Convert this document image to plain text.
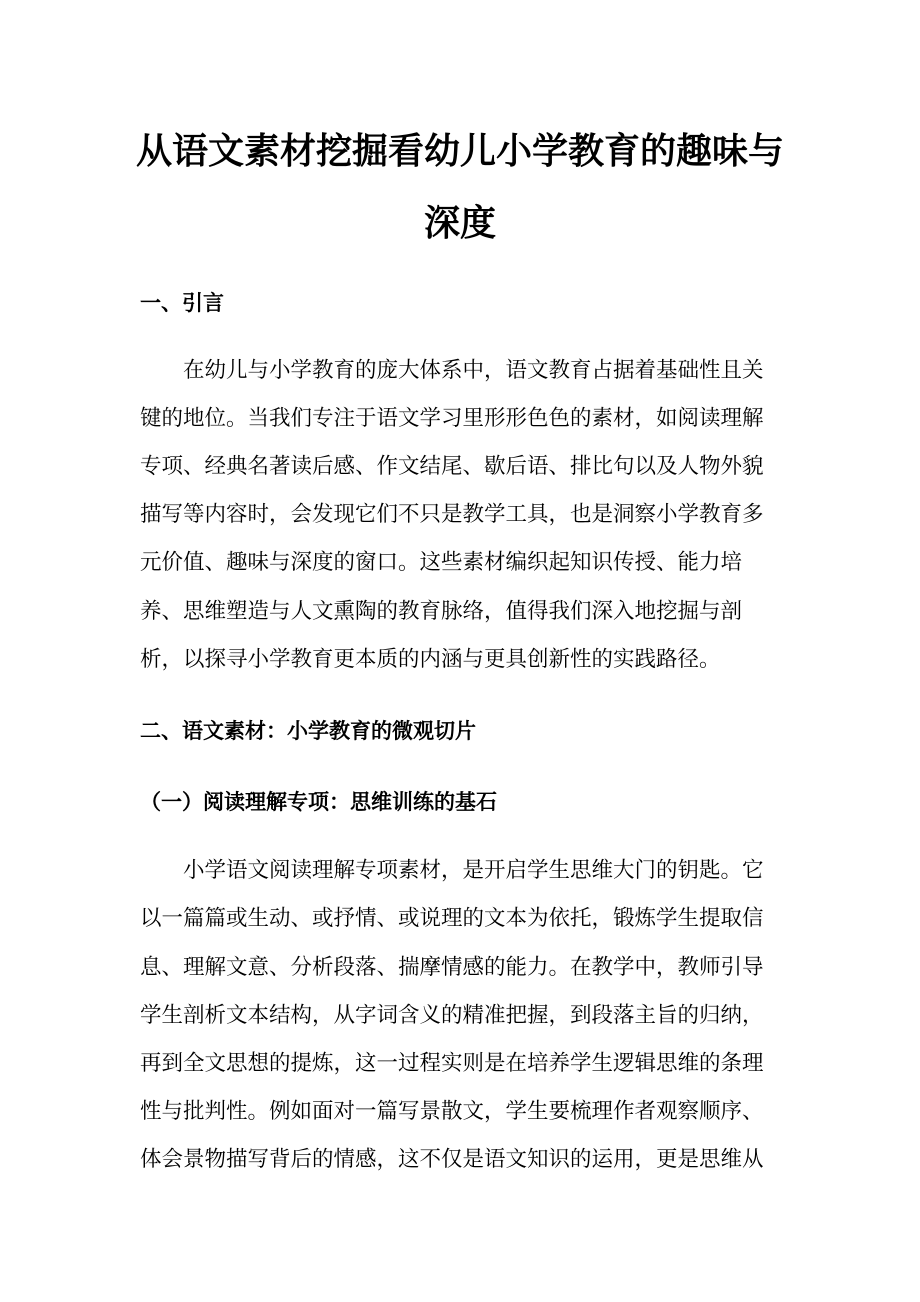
从语文素材挖掘看幼儿小学教育的趣味与
深度
一、引言
在幼儿与小学教育的庞大体系中，语文教育占据着基础性且关
键的地位。当我们专注于语文学习里形形色色的素材，如阅读理解
专项、经典名著读后感、作文结尾、歇后语、排比句以及人物外貌
描写等内容时，会发现它们不只是教学工具，也是洞察小学教育多
元价值、趣味与深度的窗口。这些素材编织起知识传授、能力培
养、思维塑造与人文熏陶的教育脉络，值得我们深入地挖掘与剖
析，以探寻小学教育更本质的内涵与更具创新性的实践路径。
二、语文素材：小学教育的微观切片
（一）阅读理解专项：思维训练的基石
小学语文阅读理解专项素材，是开启学生思维大门的钥匙。它
以一篇篇或生动、或抒情、或说理的文本为依托，锻炼学生提取信
息、理解文意、分析段落、揣摩情感的能力。在教学中，教师引导
学生剖析文本结构，从字词含义的精准把握，到段落主旨的归纳，
再到全文思想的提炼，这一过程实则是在培养学生逻辑思维的条理
性与批判性。例如面对一篇写景散文，学生要梳理作者观察顺序、
体会景物描写背后的情感，这不仅是语文知识的运用，更是思维从
